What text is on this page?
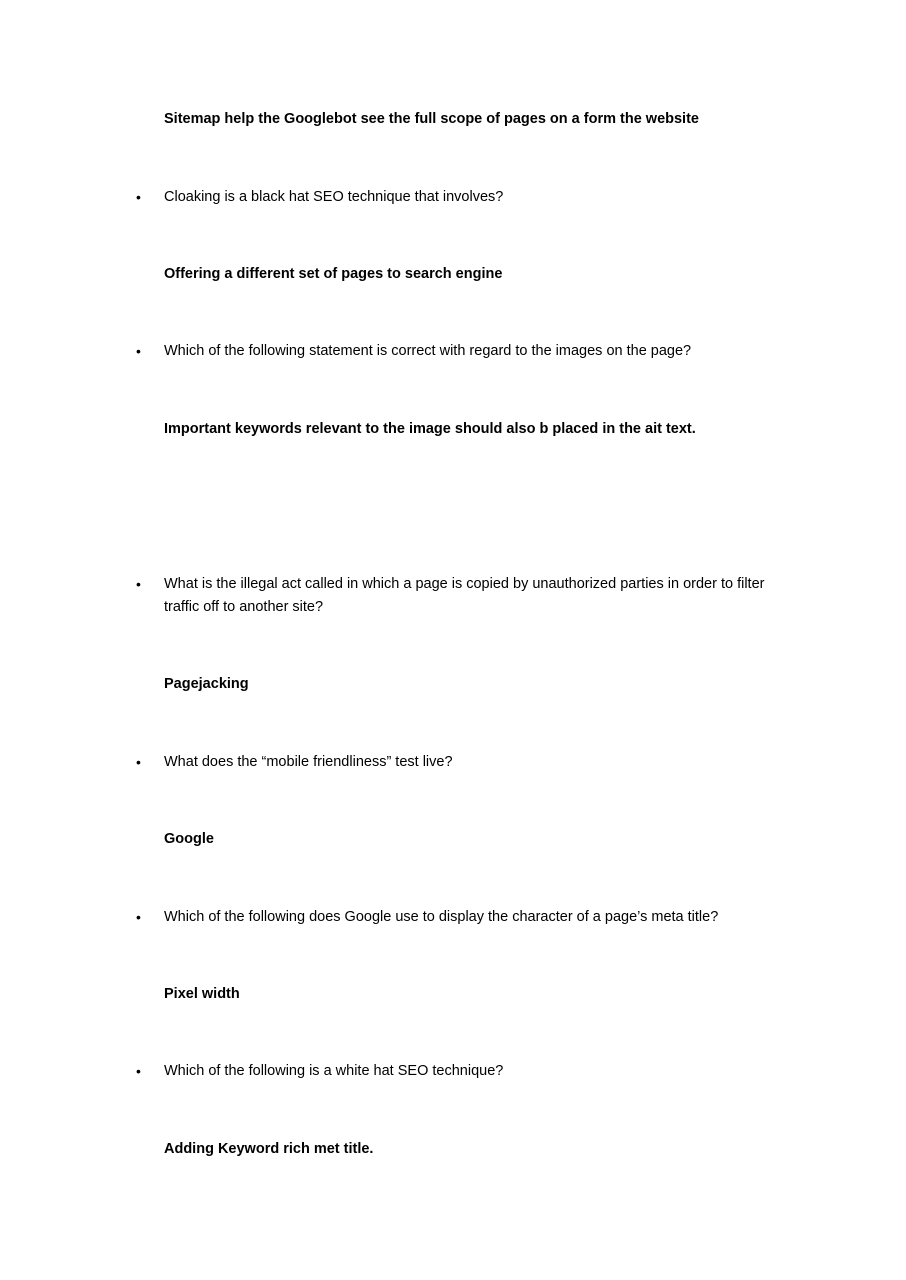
Sitemap help the Googlebot see the full scope of pages on a form the website
• Cloaking is a black hat SEO technique that involves?
Offering a different set of pages to search engine
• Which of the following statement is correct with regard to the images on the page?
Important keywords relevant to the image should also b placed in the ait text.
• What is the illegal act called in which a page is copied by unauthorized parties in order to filter traffic off to another site?
Pagejacking
• What does the “mobile friendliness” test live?
Google
• Which of the following does Google use to display the character of a page’s meta title?
Pixel width
• Which of the following is a white hat SEO technique?
Adding Keyword rich met title.
